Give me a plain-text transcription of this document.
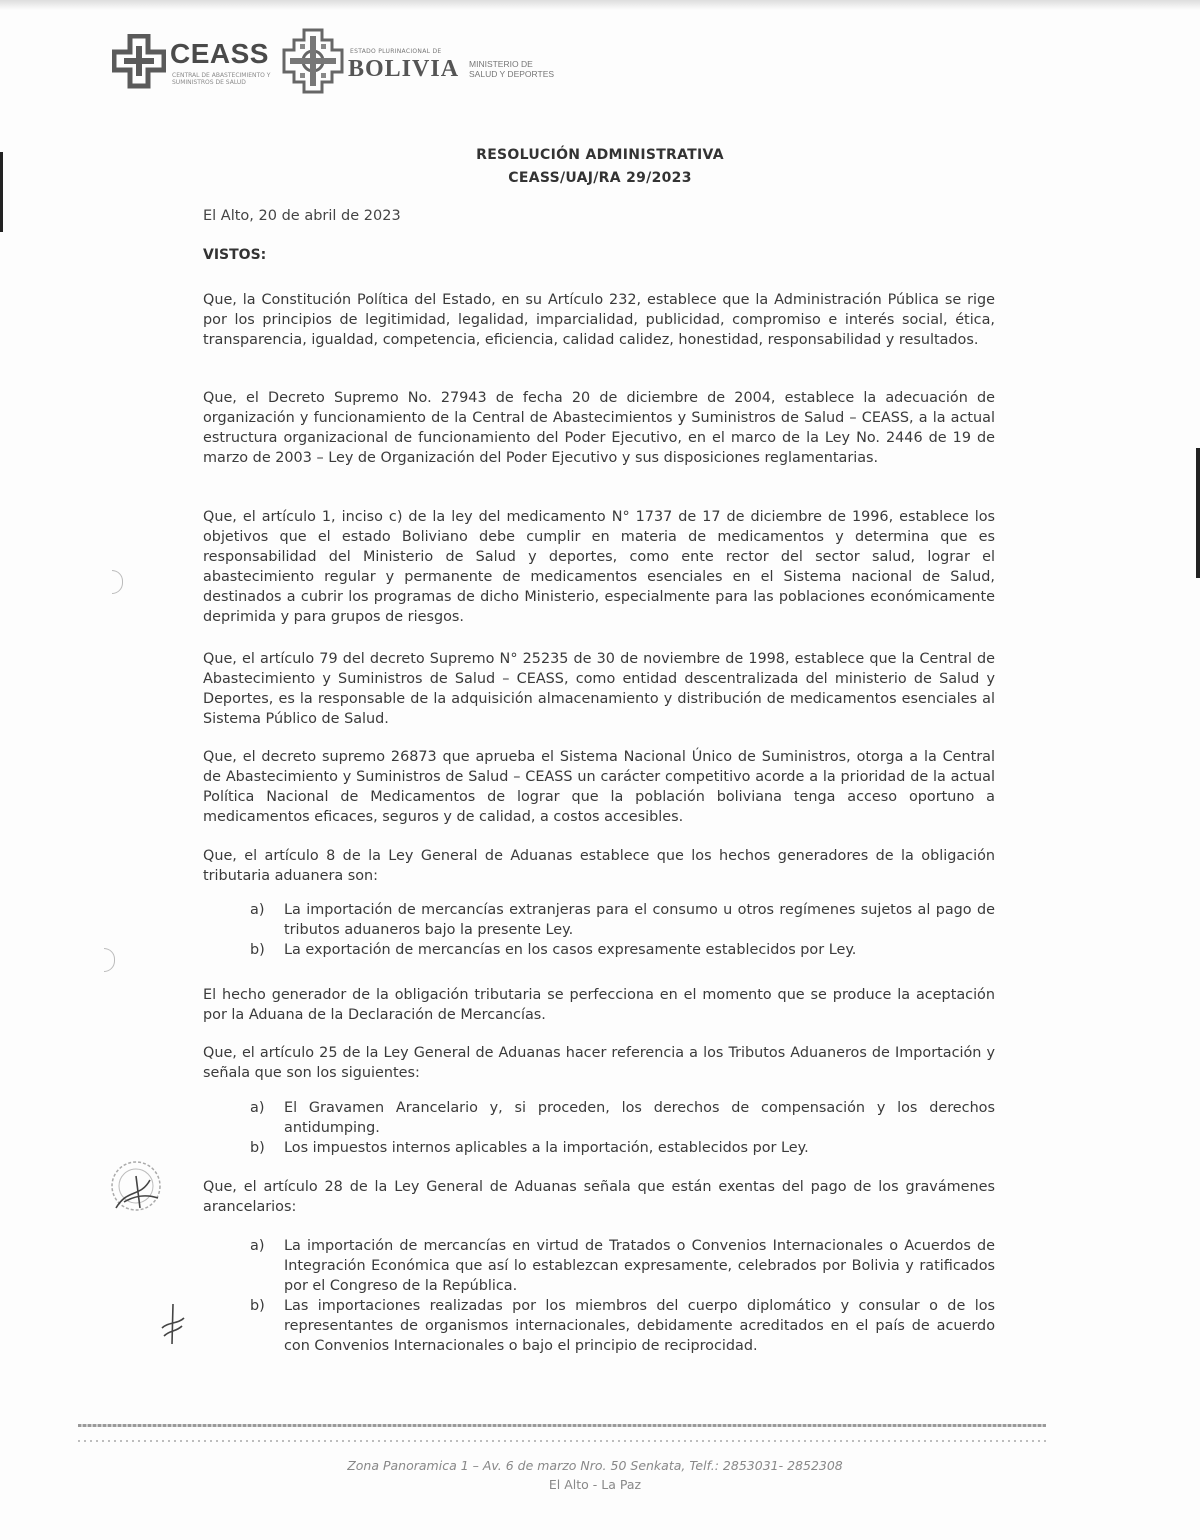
CEASS
CENTRAL DE ABASTECIMIENTO Y SUMINISTROS DE SALUD
ESTADO PLURINACIONAL DE
BOLIVIA MINISTERIO DE
SALUD Y DEPORTES
RESOLUCIÓN ADMINISTRATIVA
CEASS/UAJ/RA 29/2023
El Alto, 20 de abril de 2023
VISTOS:

Que, la Constitución Política del Estado, en su Artículo 232, establece que la Administración Pública se rige por los principios de legitimidad, legalidad, imparcialidad, publicidad, compromiso e interés social, ética, transparencia, igualdad, competencia, eficiencia, calidad calidez, honestidad, responsabilidad y resultados.

Que, el Decreto Supremo No. 27943 de fecha 20 de diciembre de 2004, establece la adecuación de organización y funcionamiento de la Central de Abastecimientos y Suministros de Salud – CEASS, a la actual estructura organizacional de funcionamiento del Poder Ejecutivo, en el marco de la Ley No. 2446 de 19 de marzo de 2003 – Ley de Organización del Poder Ejecutivo y sus disposiciones reglamentarias.

Que, el artículo 1, inciso c) de la ley del medicamento N° 1737 de 17 de diciembre de 1996, establece los objetivos que el estado Boliviano debe cumplir en materia de medicamentos y determina que es responsabilidad del Ministerio de Salud y deportes, como ente rector del sector salud, lograr el abastecimiento regular y permanente de medicamentos esenciales en el Sistema nacional de Salud, destinados a cubrir los programas de dicho Ministerio, especialmente para las poblaciones económicamente deprimida y para grupos de riesgos.

Que, el artículo 79 del decreto Supremo N° 25235 de 30 de noviembre de 1998, establece que la Central de Abastecimiento y Suministros de Salud – CEASS, como entidad descentralizada del ministerio de Salud y Deportes, es la responsable de la adquisición almacenamiento y distribución de medicamentos esenciales al Sistema Público de Salud.

Que, el decreto supremo 26873 que aprueba el Sistema Nacional Único de Suministros, otorga a la Central de Abastecimiento y Suministros de Salud – CEASS un carácter competitivo acorde a la prioridad de la actual Política Nacional de Medicamentos de lograr que la población boliviana tenga acceso oportuno a medicamentos eficaces, seguros y de calidad, a costos accesibles.

Que, el artículo 8 de la Ley General de Aduanas establece que los hechos generadores de la obligación tributaria aduanera son:

a) La importación de mercancías extranjeras para el consumo u otros regímenes sujetos al pago de tributos aduaneros bajo la presente Ley.
b) La exportación de mercancías en los casos expresamente establecidos por Ley.

El hecho generador de la obligación tributaria se perfecciona en el momento que se produce la aceptación por la Aduana de la Declaración de Mercancías.

Que, el artículo 25 de la Ley General de Aduanas hacer referencia a los Tributos Aduaneros de Importación y señala que son los siguientes:

a) El Gravamen Arancelario y, si proceden, los derechos de compensación y los derechos antidumping.
b) Los impuestos internos aplicables a la importación, establecidos por Ley.

Que, el artículo 28 de la Ley General de Aduanas señala que están exentas del pago de los gravámenes arancelarios:

a) La importación de mercancías en virtud de Tratados o Convenios Internacionales o Acuerdos de Integración Económica que así lo establezcan expresamente, celebrados por Bolivia y ratificados por el Congreso de la República.
b) Las importaciones realizadas por los miembros del cuerpo diplomático y consular o de los representantes de organismos internacionales, debidamente acreditados en el país de acuerdo con Convenios Internacionales o bajo el principio de reciprocidad.
Zona Panoramica 1 – Av. 6 de marzo Nro. 50 Senkata, Telf.: 2853031- 2852308
El Alto - La Paz
